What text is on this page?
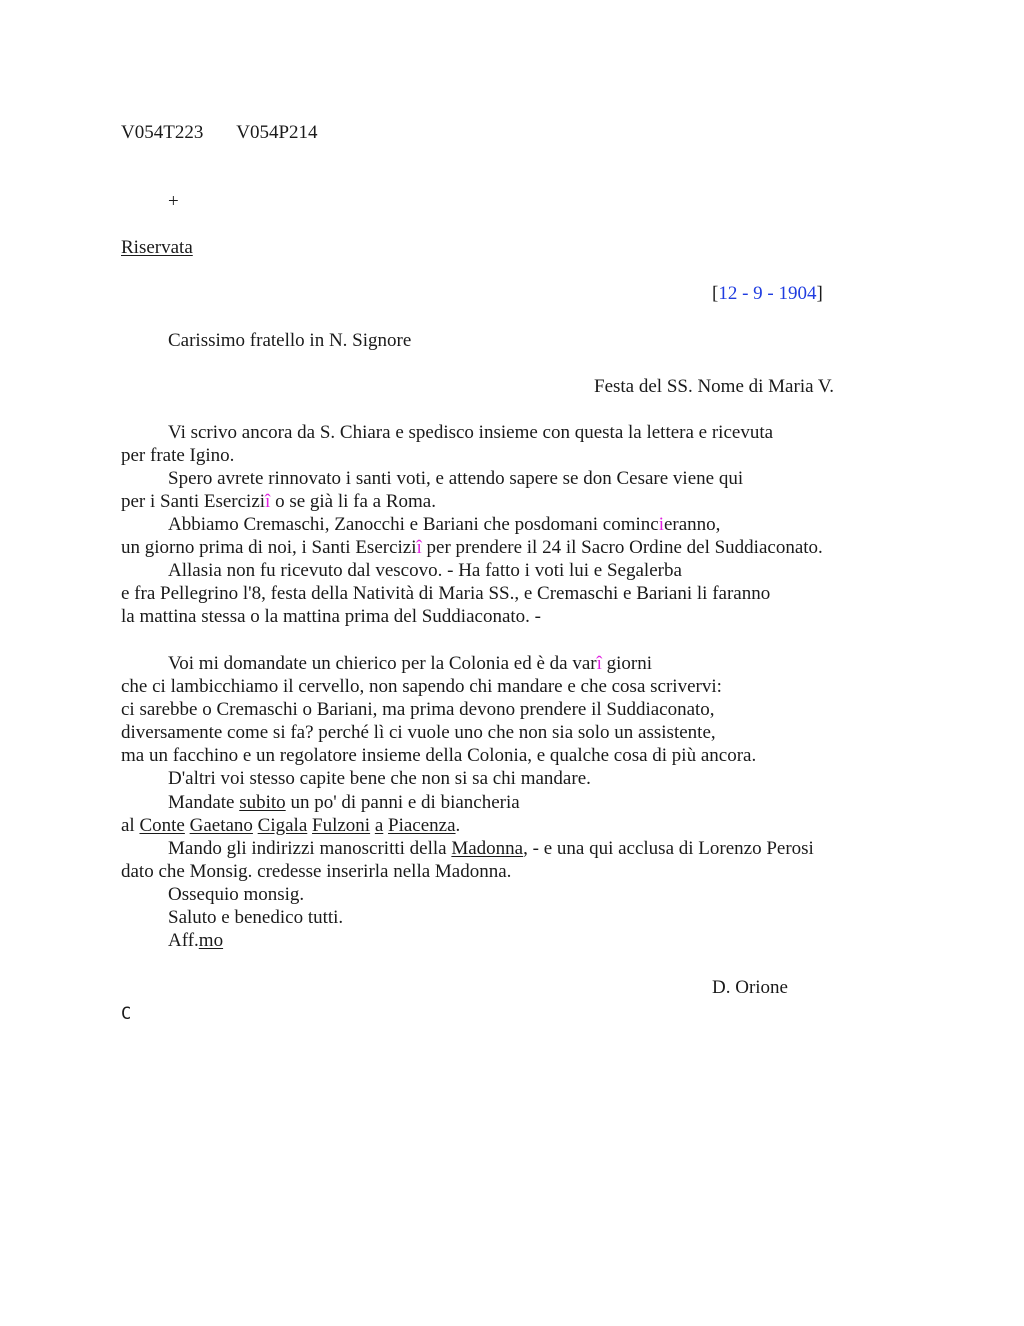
V054T223 V054P214
+
Riservata
[12 - 9 - 1904]
Carissimo fratello in N. Signore
Festa del SS. Nome di Maria V.
Vi scrivo ancora da S. Chiara e spedisco insieme con questa la lettera e ricevuta
per frate Igino.
Spero avrete rinnovato i santi voti, e attendo sapere se don Cesare viene qui
per i Santi Eserciziî o se già li fa a Roma.
Abbiamo Cremaschi, Zanocchi e Bariani che posdomani comincieranno,
un giorno prima di noi, i Santi Eserciziî per prendere il 24 il Sacro Ordine del Suddiaconato.
Allasia non fu ricevuto dal vescovo. - Ha fatto i voti lui e Segalerba
e fra Pellegrino l'8, festa della Natività di Maria SS., e Cremaschi e Bariani li faranno
la mattina stessa o la mattina prima del Suddiaconato. -
Voi mi domandate un chierico per la Colonia ed è da varî giorni
che ci lambicchiamo il cervello, non sapendo chi mandare e che cosa scrivervi:
ci sarebbe o Cremaschi o Bariani, ma prima devono prendere il Suddiaconato,
diversamente come si fa? perché lì ci vuole uno che non sia solo un assistente,
ma un facchino e un regolatore insieme della Colonia, e qualche cosa di più ancora.
D'altri voi stesso capite bene che non si sa chi mandare.
Mandate subito un po' di panni e di biancheria
al Conte Gaetano Cigala Fulzoni a Piacenza.
Mando gli indirizzi manoscritti della Madonna, - e una qui acclusa di Lorenzo Perosi
dato che Monsig. credesse inserirla nella Madonna.
Ossequio monsig.
Saluto e benedico tutti.
Aff.mo
D. Orione
C
